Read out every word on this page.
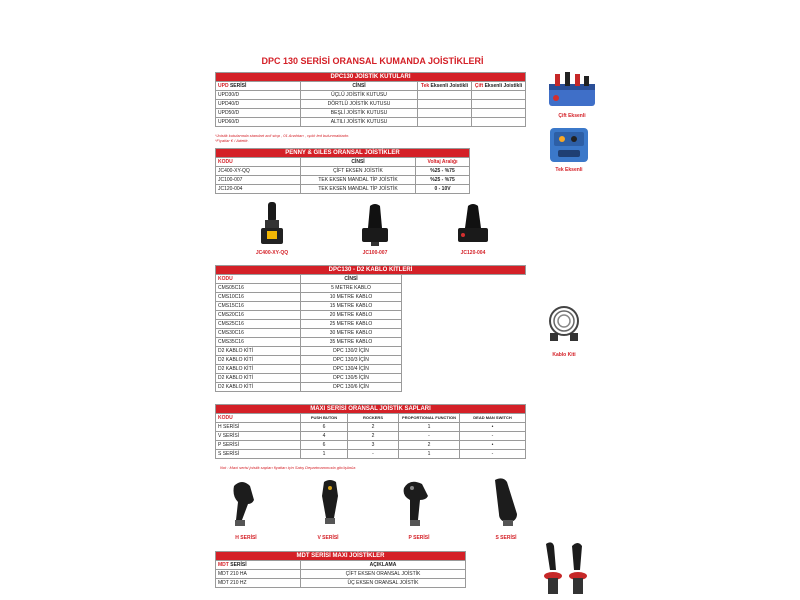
DPC 130 SERİSİ ORANSAL KUMANDA JOİSTİKLERİ
DPC130 JOİSTİK KUTULARI			
UPD SERİSİ	CİNSİ	Tek Eksenli Joistikli	Çift Eksenli Joistikli
UPD30/D	ÜÇLÜ JOİSTİK KUTUSU		
UPD40/D	DÖRTLÜ JOİSTİK KUTUSU		
UPD50/D	BEŞLİ JOİSTİK KUTUSU		
UPD60/D	ALTILI JOİSTİK KUTUSU		
*Joistik kutularında standart acil stop , 01 Anahtarı , ışıklı led bulunmaktadır.
*Fiyatlar € / Adettir.
Çift Eksenli
Tek Eksenli
PENNY & GILES ORANSAL JOİSTİKLER		
KODU	CİNSİ	Voltaj Aralığı
JC400-XY-QQ	ÇİFT EKSEN JOİSTİK	%25 - %75
JC100-007	TEK EKSEN MANDAL TİP JOİSTİK	%25 - %75
JC120-004	TEK EKSEN MANDAL TİP JOİSTİK	0 - 10V
JC400-XY-QQ	JC100-007	JC120-004
DPC130 - D2 KABLO KİTLERİ		
KODU	CİNSİ	
CMS05C16	5 METRE KABLO	
CMS10C16	10 METRE KABLO	
CMS15C16	15 METRE KABLO	
CMS20C16	20 METRE KABLO	
CMS25C16	25 METRE KABLO	
CMS30C16	30 METRE KABLO	
CMS35C16	35 METRE KABLO	
D2 KABLO KİTİ	DPC 130/2 İÇİN	
D2 KABLO KİTİ	DPC 130/3 İÇİN	
D2 KABLO KİTİ	DPC 130/4 İÇİN	
D2 KABLO KİTİ	DPC 130/5 İÇİN	
D2 KABLO KİTİ	DPC 130/6 İÇİN	
Kablo Kiti
MAXI SERİSİ ORANSAL JOİSTİK SAPLARI				
KODU	PUSH BUTON	ROCKERS	PROPORTIONAL FUNCTION	DEAD MAN SWITCH
H SERİSİ	6	2	1	•
V SERİSİ	4	2	-	-
P SERİSİ	6	3	2	•
S SERİSİ	1	-	1	-
Not : Maxi serisi joistik sapları fiyatları için Satış Departmanımızla görüşünüz.
H SERİSİ	V SERİSİ	P SERİSİ	S SERİSİ
MDT SERİSİ MAXI JOİSTİKLER	
MDT SERİSİ	AÇIKLAMA
MDT 210 HA	ÇİFT EKSEN ORANSAL JOİSTİK
MDT 210 HZ	ÜÇ EKSEN ORANSAL JOİSTİK
